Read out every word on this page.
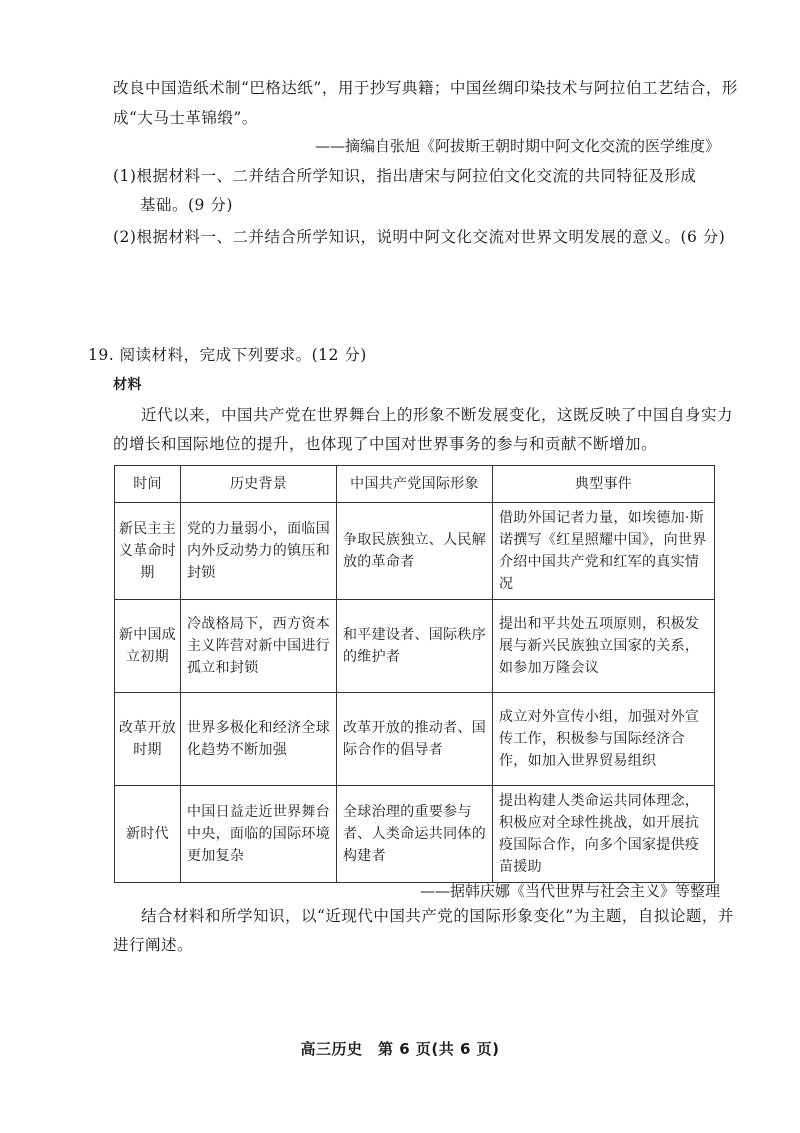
改良中国造纸术制“巴格达纸”，用于抄写典籍；中国丝绸印染技术与阿拉伯工艺结合，形
成“大马士革锦缎”。
——摘编自张旭《阿拔斯王朝时期中阿文化交流的医学维度》
(1)根据材料一、二并结合所学知识，指出唐宋与阿拉伯文化交流的共同特征及形成
基础。(9 分)
(2)根据材料一、二并结合所学知识，说明中阿文化交流对世界文明发展的意义。(6 分)
19. 阅读材料，完成下列要求。(12 分)
材料
近代以来，中国共产党在世界舞台上的形象不断发展变化，这既反映了中国自身实力
的增长和国际地位的提升，也体现了中国对世界事务的参与和贡献不断增加。
时间	历史背景	中国共产党国际形象	典型事件
新民主主义革命时期	党的力量弱小，面临国内外反动势力的镇压和封锁	争取民族独立、人民解放的革命者	借助外国记者力量，如埃德加·斯诺撰写《红星照耀中国》，向世界介绍中国共产党和红军的真实情况
新中国成　立初期	冷战格局下，西方资本主义阵营对新中国进行孤立和封锁	和平建设者、国际秩序的维护者	提出和平共处五项原则，积极发展与新兴民族独立国家的关系，如参加万隆会议
改革开放时期	世界多极化和经济全球化趋势不断加强	改革开放的推动者、国际合作的倡导者	成立对外宣传小组，加强对外宣传工作，积极参与国际经济合作，如加入世界贸易组织
新时代	中国日益走近世界舞台中央，面临的国际环境更加复杂	全球治理的重要参与者、人类命运共同体的构建者	提出构建人类命运共同体理念，积极应对全球性挑战，如开展抗疫国际合作，向多个国家提供疫苗援助
——据韩庆娜《当代世界与社会主义》等整理
结合材料和所学知识，以“近现代中国共产党的国际形象变化”为主题，自拟论题，并
进行阐述。
高三历史　第 6 页(共 6 页)
